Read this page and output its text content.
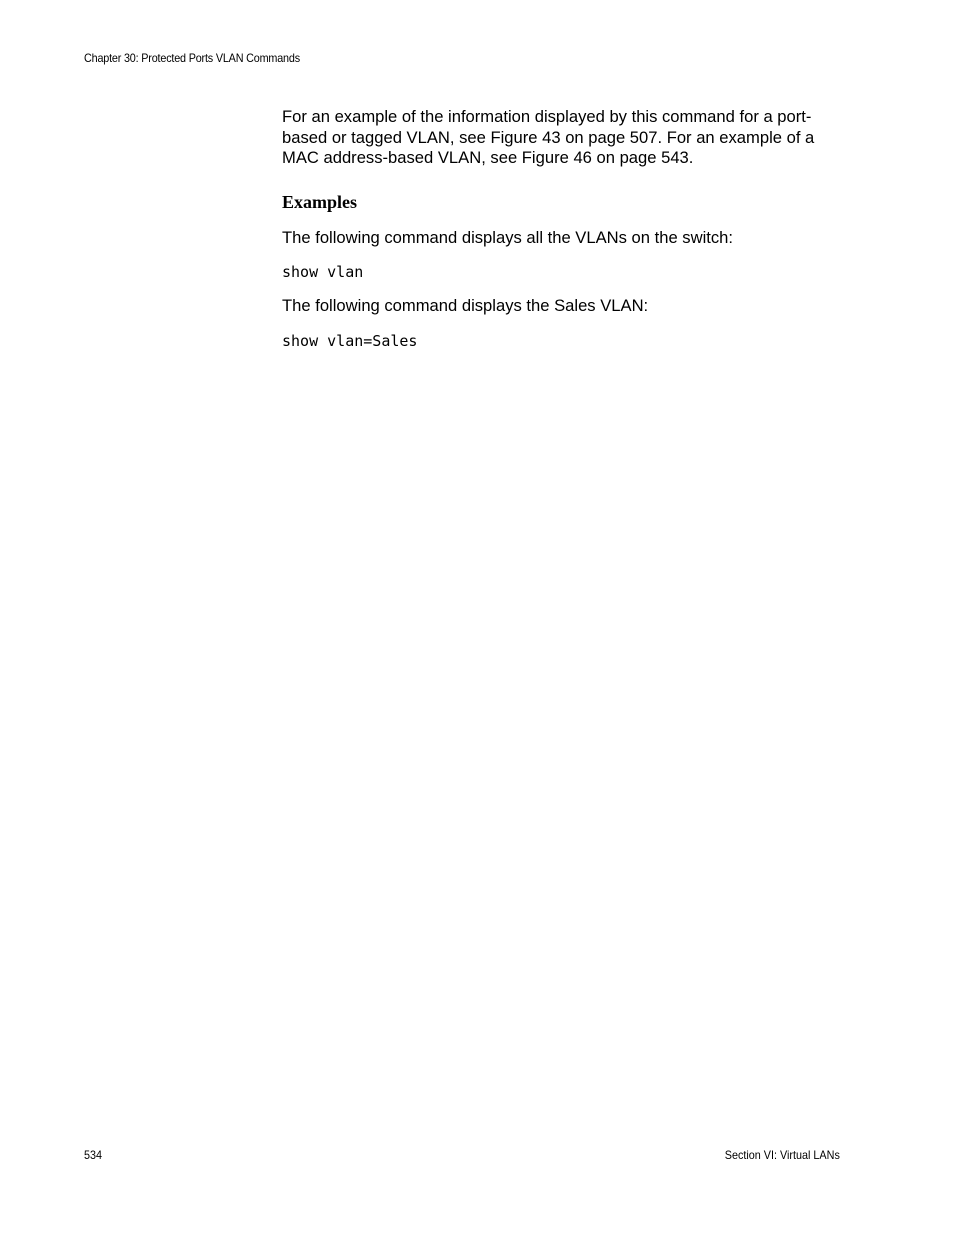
Chapter 30: Protected Ports VLAN Commands

For an example of the information displayed by this command for a port-
based or tagged VLAN, see Figure 43 on page 507. For an example of a
MAC address-based VLAN, see Figure 46 on page 543.

Examples

The following command displays all the VLANs on the switch:

show vlan

The following command displays the Sales VLAN:

show vlan=Sales

534	Section VI: Virtual LANs
